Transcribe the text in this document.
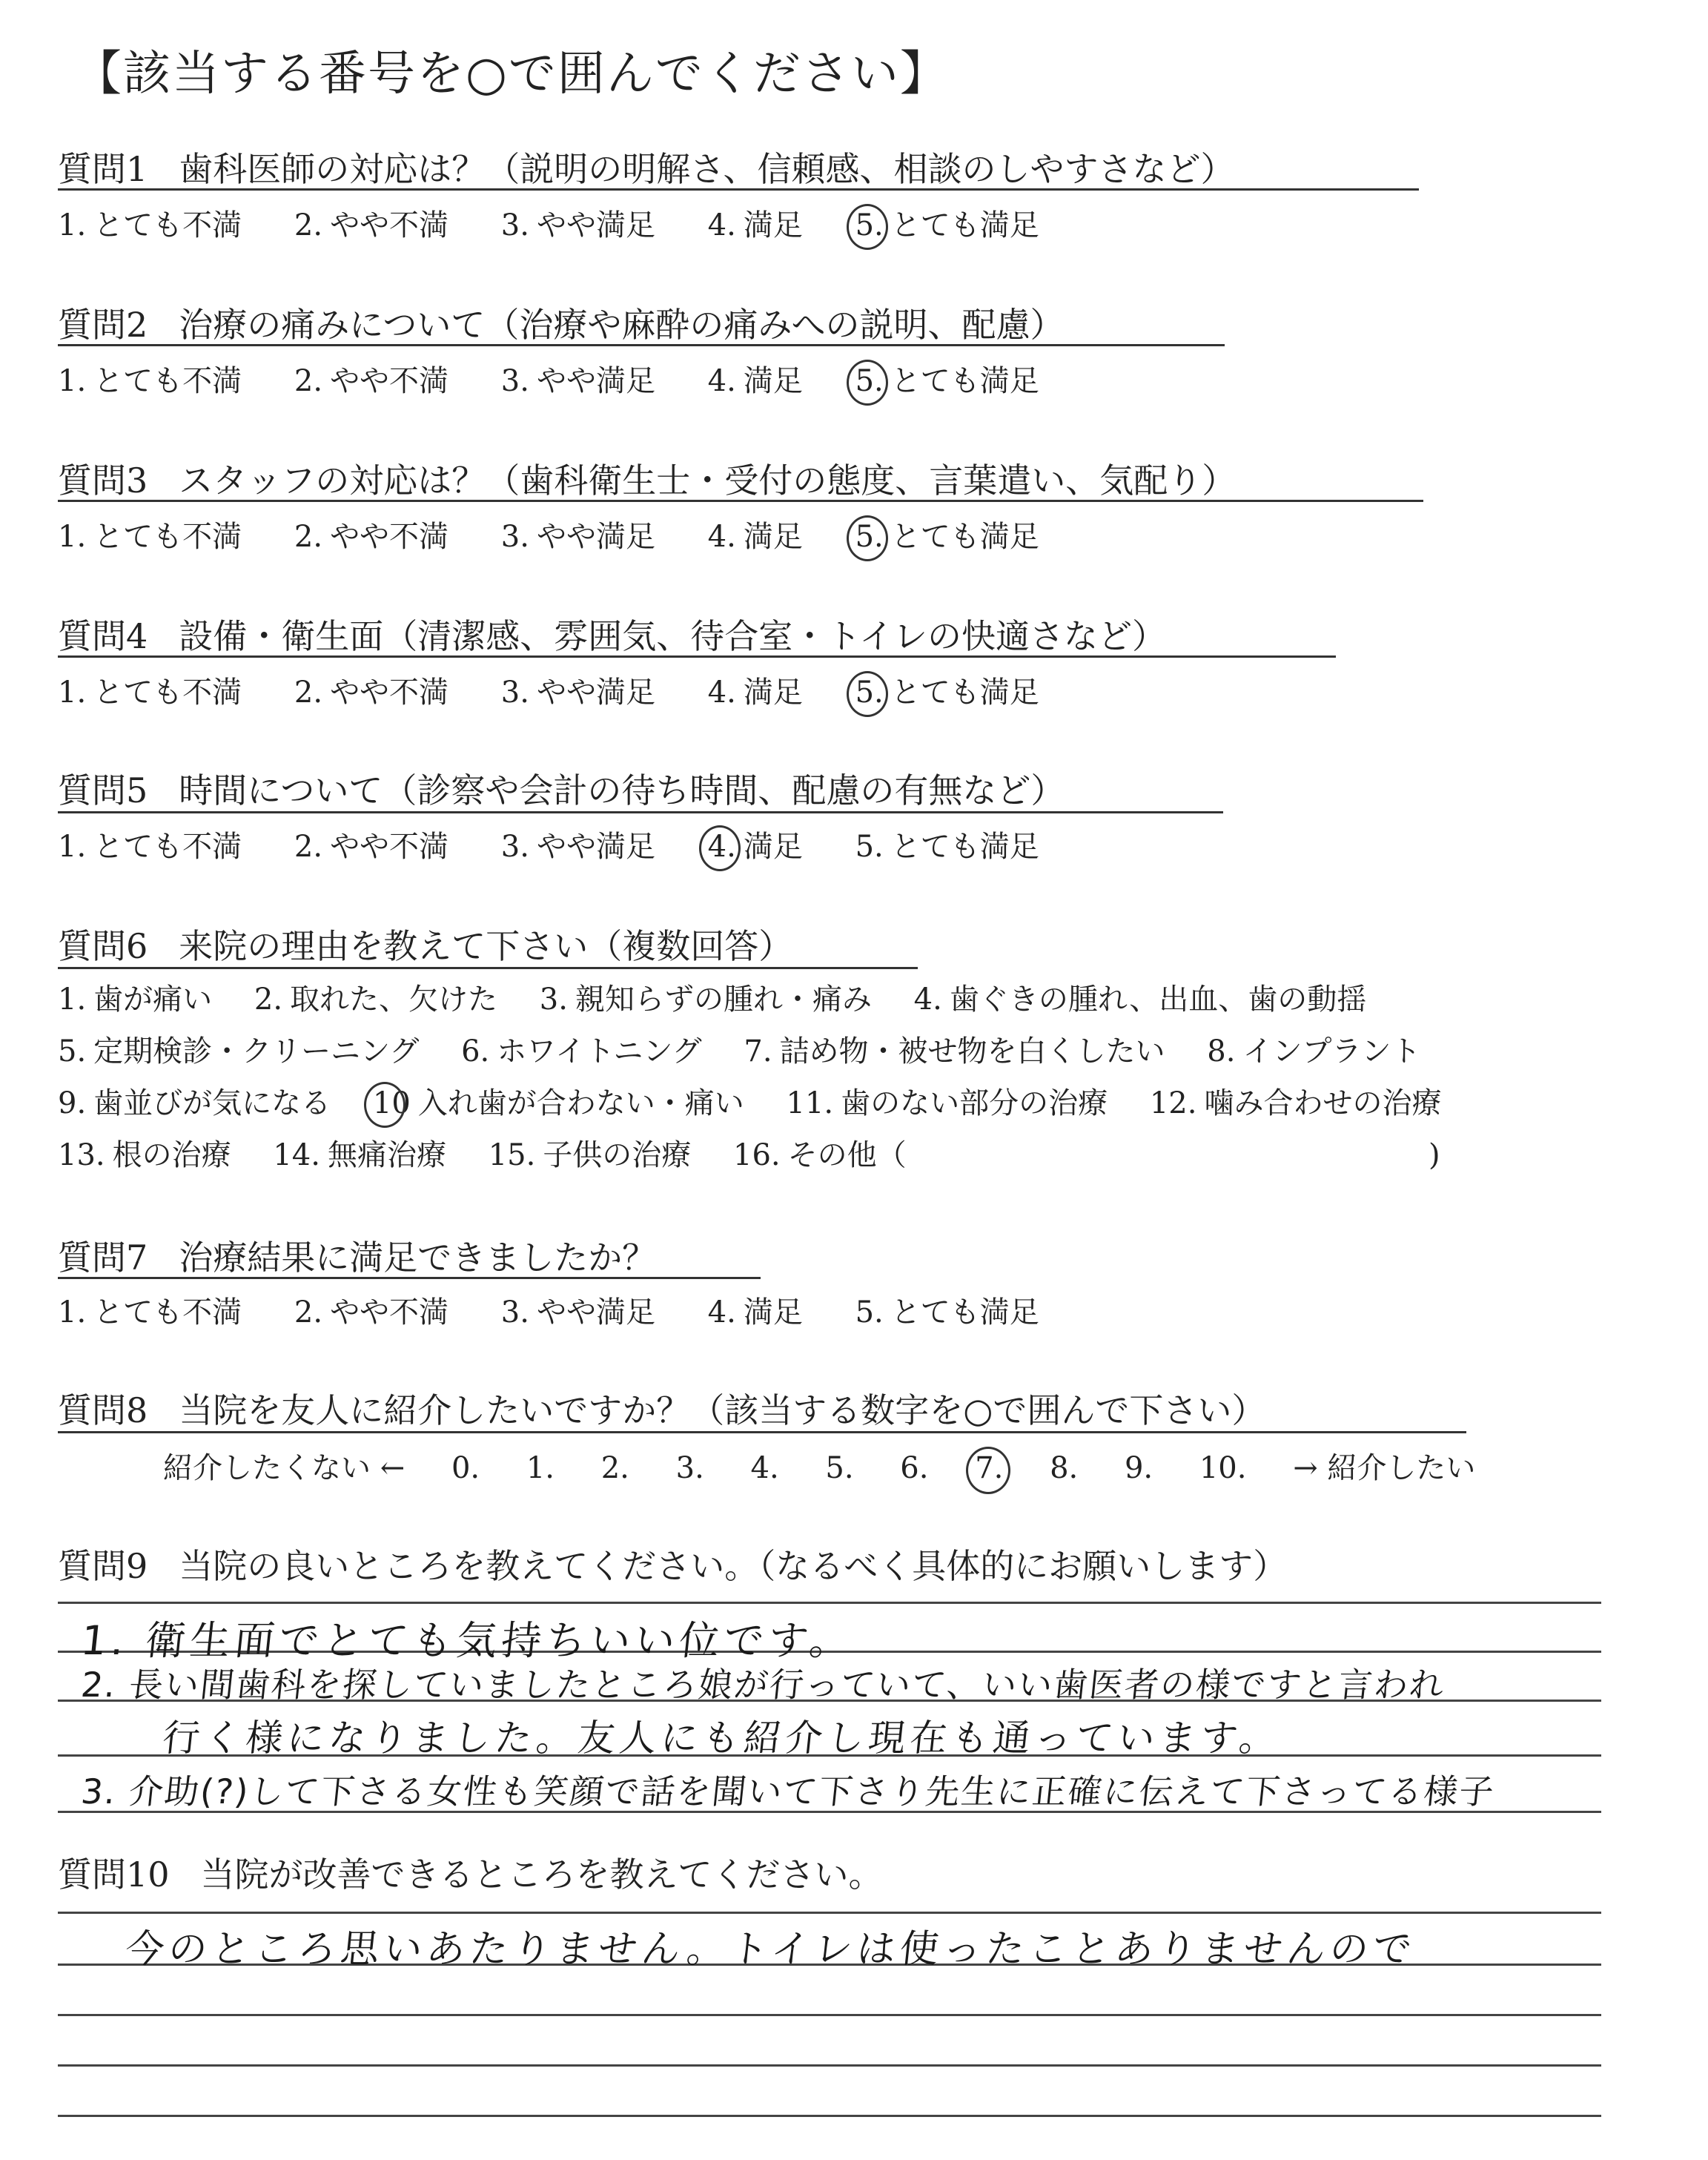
【該当する番号を○で囲んでください】
質問1 歯科医師の対応は？（説明の明解さ、信頼感、相談のしやすさなど）
1. とても不満 2. やや不満 3. やや満足 4. 満足 5. とても満足
質問2 治療の痛みについて（治療や麻酔の痛みへの説明、配慮）
1. とても不満 2. やや不満 3. やや満足 4. 満足 5. とても満足
質問3 スタッフの対応は？（歯科衛生士・受付の態度、言葉遣い、気配り）
1. とても不満 2. やや不満 3. やや満足 4. 満足 5. とても満足
質問4 設備・衛生面（清潔感、雰囲気、待合室・トイレの快適さなど）
1. とても不満 2. やや不満 3. やや満足 4. 満足 5. とても満足
質問5 時間について（診察や会計の待ち時間、配慮の有無など）
1. とても不満 2. やや不満 3. やや満足 4. 満足 5. とても満足
質問6 来院の理由を教えて下さい（複数回答）
1. 歯が痛い 2. 取れた、欠けた 3. 親知らずの腫れ・痛み 4. 歯ぐきの腫れ、出血、歯の動揺
5. 定期検診・クリーニング 6. ホワイトニング 7. 詰め物・被せ物を白くしたい 8. インプラント
9. 歯並びが気になる 10 入れ歯が合わない・痛い 11. 歯のない部分の治療 12. 噛み合わせの治療
13. 根の治療 14. 無痛治療 15. 子供の治療 16. その他（	)
質問7 治療結果に満足できましたか？
1. とても不満 2. やや不満 3. やや満足 4. 満足 5. とても満足
質問8 当院を友人に紹介したいですか？（該当する数字を○で囲んで下さい）
紹介したくない ← 0. 1. 2. 3. 4. 5. 6. 7. 8. 9. 10. → 紹介したい
質問9 当院の良いところを教えてください。（なるべく具体的にお願いします）
1. 衛生面でとても気持ちいい位です。
2. 長い間歯科を探していましたところ娘が行っていて、いい歯医者の様ですと言われ
行く様になりました。友人にも紹介し現在も通っています。
3. 介助(?)して下さる女性も笑顔で話を聞いて下さり先生に正確に伝えて下さってる様子
質問10 当院が改善できるところを教えてください。
今のところ思いあたりません。トイレは使ったことありませんので
